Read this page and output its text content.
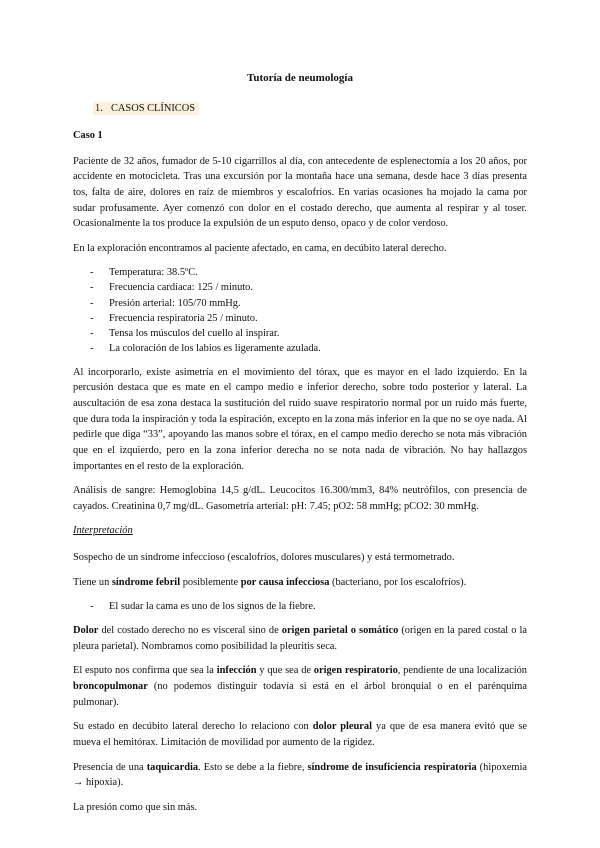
Tutoría de neumología
1. CASOS CLÍNICOS
Caso 1

Paciente de 32 años, fumador de 5-10 cigarrillos al día, con antecedente de esplenectomía a los 20 años, por accidente en motocicleta. Tras una excursión por la montaña hace una semana, desde hace 3 días presenta tos, falta de aire, dolores en raíz de miembros y escalofríos. En varias ocasiones ha mojado la cama por sudar profusamente. Ayer comenzó con dolor en el costado derecho, que aumenta al respirar y al toser. Ocasionalmente la tos produce la expulsión de un esputo denso, opaco y de color verdoso.

En la exploración encontramos al paciente afectado, en cama, en decúbito lateral derecho.

- Temperatura: 38.5ºC.
- Frecuencia cardíaca: 125 / minuto.
- Presión arterial: 105/70 mmHg.
- Frecuencia respiratoria 25 / minuto.
- Tensa los músculos del cuello al inspirar.
- La coloración de los labios es ligeramente azulada.

Al incorporarlo, existe asimetría en el movimiento del tórax, que es mayor en el lado izquierdo. En la percusión destaca que es mate en el campo medio e inferior derecho, sobre todo posterior y lateral. La auscultación de esa zona destaca la sustitución del ruido suave respiratorio normal por un ruido más fuerte, que dura toda la inspiración y toda la espiración, excepto en la zona más inferior en la que no se oye nada. Al pedirle que diga “33”, apoyando las manos sobre el tórax, en el campo medio derecho se nota más vibración que en el izquierdo, pero en la zona inferior derecha no se nota nada de vibración. No hay hallazgos importantes en el resto de la exploración.

Análisis de sangre: Hemoglobina 14,5 g/dL. Leucocitos 16.300/mm3, 84% neutrófilos, con presencia de cayados. Creatinina 0,7 mg/dL. Gasometría arterial: pH: 7.45; pO2: 58 mmHg; pCO2: 30 mmHg.

Interpretación

Sospecho de un síndrome infeccioso (escalofríos, dolores musculares) y está termometrado.

Tiene un síndrome febril posiblemente por causa infecciosa (bacteriano, por los escalofríos).

- El sudar la cama es uno de los signos de la fiebre.

Dolor del costado derecho no es visceral sino de origen parietal o somático (origen en la pared costal o la pleura parietal). Nombramos como posibilidad la pleuritis seca.

El esputo nos confirma que sea la infección y que sea de origen respiratorio, pendiente de una localización broncopulmonar (no podemos distinguir todavía si está en el árbol bronquial o en el parénquima pulmonar).

Su estado en decúbito lateral derecho lo relaciono con dolor pleural ya que de esa manera evitó que se mueva el hemitórax. Limitación de movilidad por aumento de la rigidez.

Presencia de una taquicardia. Esto se debe a la fiebre, síndrome de insuficiencia respiratoria (hipoxemia → hipoxia).

La presión como que sin más.
